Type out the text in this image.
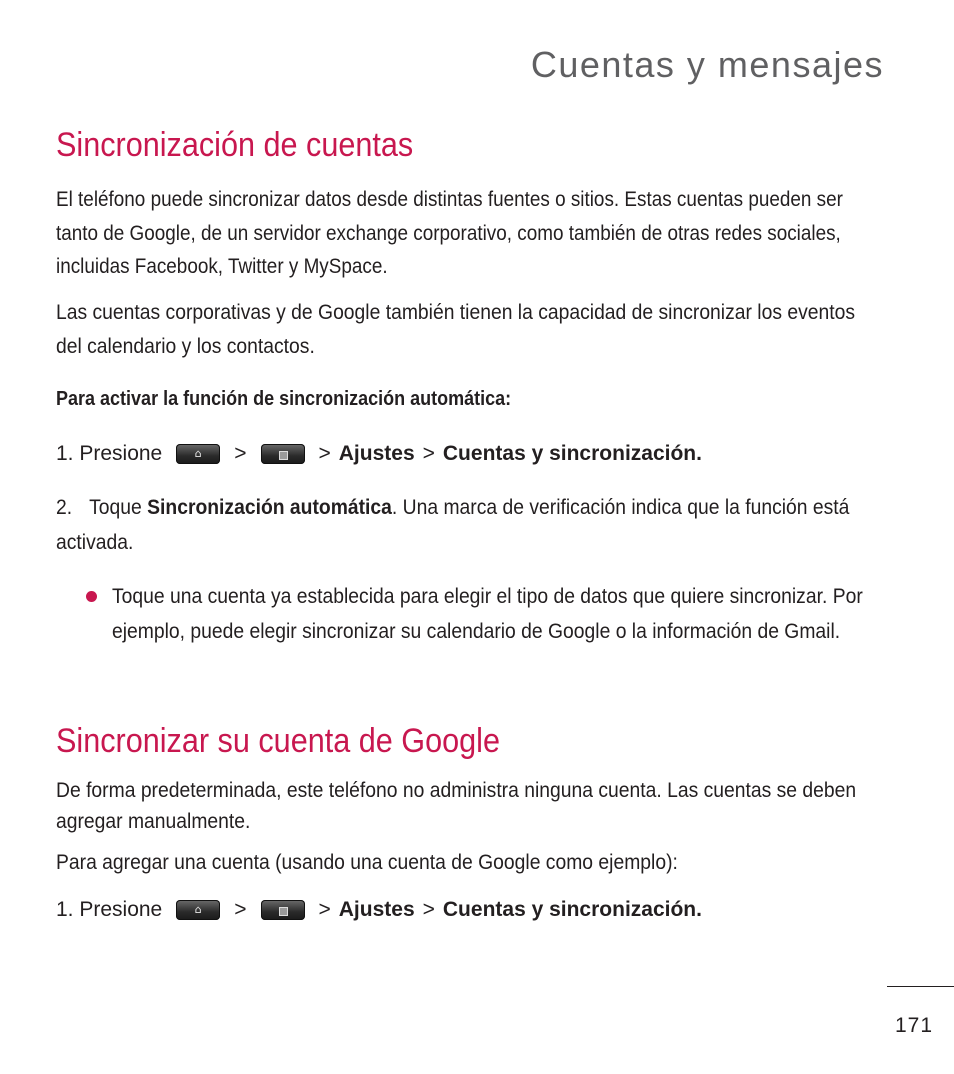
Cuentas y mensajes
Sincronización de cuentas
El teléfono puede sincronizar datos desde distintas fuentes o sitios. Estas cuentas pueden ser tanto de Google, de un servidor exchange corporativo, como también de otras redes sociales, incluidas Facebook, Twitter y MySpace.
Las cuentas corporativas y de Google también tienen la capacidad de sincronizar los eventos del calendario y los contactos.
Para activar la función de sincronización automática:
1. Presione	⌂	>	> Ajustes > Cuentas y sincronización.
2. Toque Sincronización automática. Una marca de verificación indica que la función está activada.
Toque una cuenta ya establecida para elegir el tipo de datos que quiere sincronizar. Por ejemplo, puede elegir sincronizar su calendario de Google o la información de Gmail.
Sincronizar su cuenta de Google
De forma predeterminada, este teléfono no administra ninguna cuenta. Las cuentas se deben agregar manualmente.
Para agregar una cuenta (usando una cuenta de Google como ejemplo):
1. Presione	⌂	>	> Ajustes > Cuentas y sincronización.
171
